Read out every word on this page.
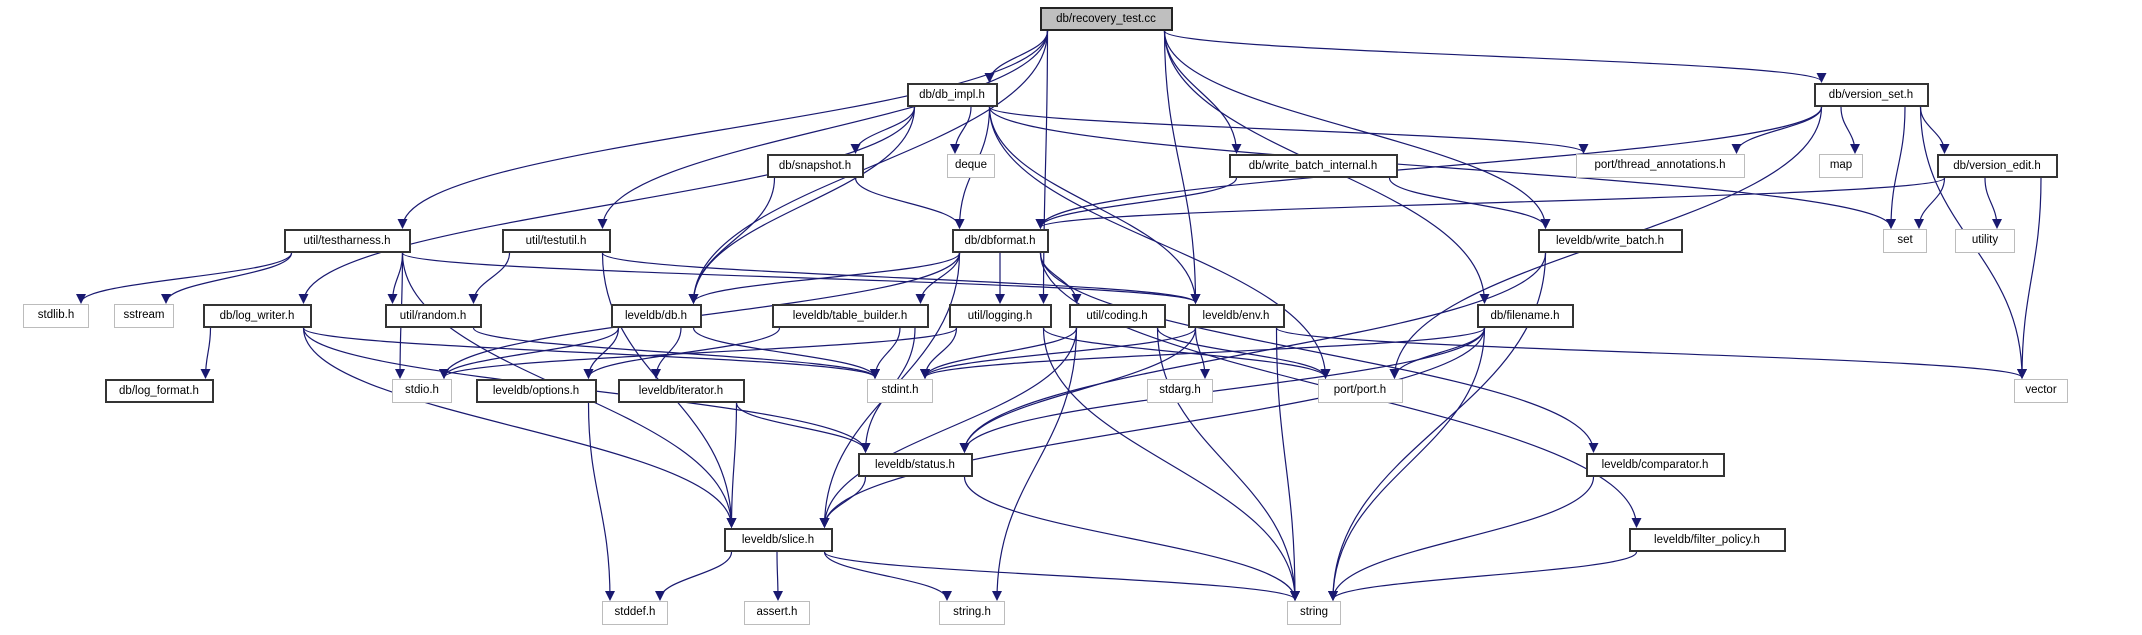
db/recovery_test.cc
db/db_impl.h	db/version_set.h
db/snapshot.h	deque	db/write_batch_internal.h	port/thread_annotations.h	map	db/version_edit.h
util/testharness.h	util/testutil.h	db/dbformat.h	leveldb/write_batch.h	set	utility
stdlib.h	sstream	db/log_writer.h	util/random.h	leveldb/db.h	leveldb/table_builder.h	util/logging.h	util/coding.h	leveldb/env.h	db/filename.h
db/log_format.h	stdio.h	leveldb/options.h	leveldb/iterator.h	stdint.h	stdarg.h	port/port.h	vector
leveldb/status.h	leveldb/comparator.h
leveldb/slice.h	leveldb/filter_policy.h
stddef.h	assert.h	string.h	string
